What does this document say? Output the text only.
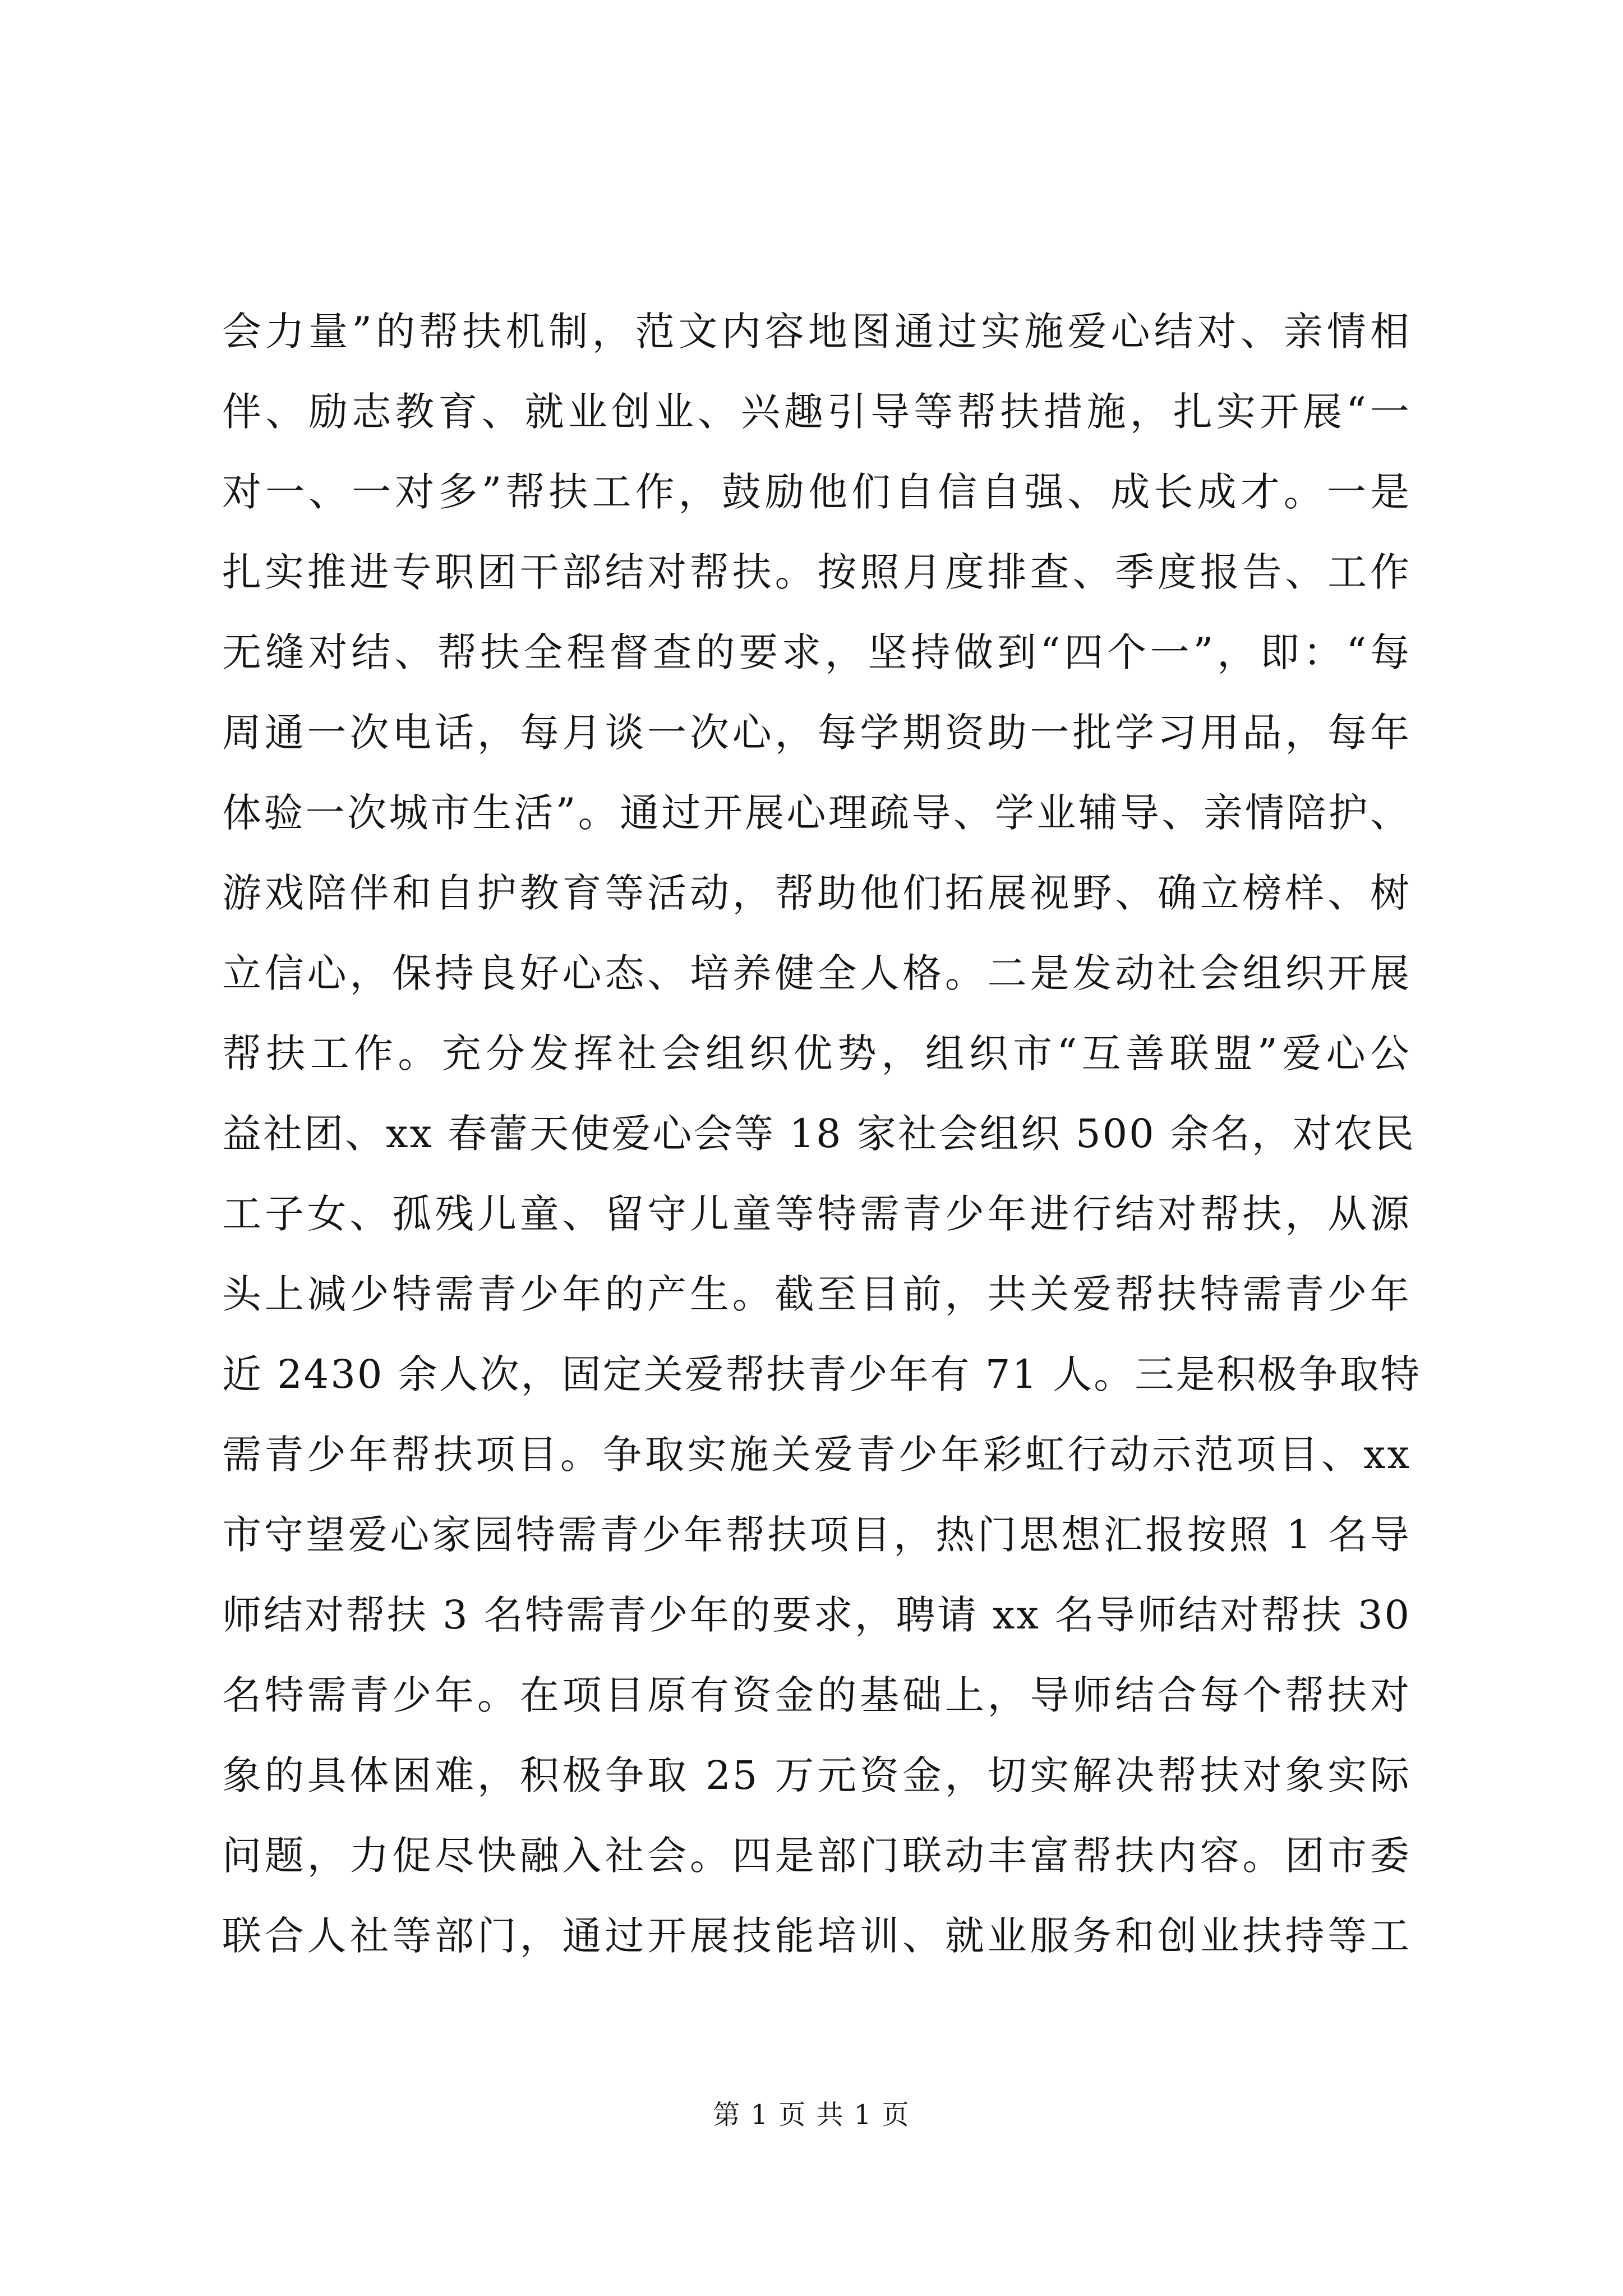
会力量”的帮扶机制，范文内容地图通过实施爱心结对、亲情相
伴、励志教育、就业创业、兴趣引导等帮扶措施，扎实开展“一
对一、一对多”帮扶工作，鼓励他们自信自强、成长成才。一是
扎实推进专职团干部结对帮扶。按照月度排查、季度报告、工作
无缝对结、帮扶全程督查的要求，坚持做到“四个一”，即：“每
周通一次电话，每月谈一次心，每学期资助一批学习用品，每年
体验一次城市生活”。通过开展心理疏导、学业辅导、亲情陪护、
游戏陪伴和自护教育等活动，帮助他们拓展视野、确立榜样、树
立信心，保持良好心态、培养健全人格。二是发动社会组织开展
帮扶工作。充分发挥社会组织优势，组织市“互善联盟”爱心公
益社团、xx 春蕾天使爱心会等 18 家社会组织 500 余名，对农民
工子女、孤残儿童、留守儿童等特需青少年进行结对帮扶，从源
头上减少特需青少年的产生。截至目前，共关爱帮扶特需青少年
近 2430 余人次，固定关爱帮扶青少年有 71 人。三是积极争取特
需青少年帮扶项目。争取实施关爱青少年彩虹行动示范项目、xx
市守望爱心家园特需青少年帮扶项目，热门思想汇报按照 1 名导
师结对帮扶 3 名特需青少年的要求，聘请 xx 名导师结对帮扶 30
名特需青少年。在项目原有资金的基础上，导师结合每个帮扶对
象的具体困难，积极争取 25 万元资金，切实解决帮扶对象实际
问题，力促尽快融入社会。四是部门联动丰富帮扶内容。团市委
联合人社等部门，通过开展技能培训、就业服务和创业扶持等工
第 1 页 共 1 页
